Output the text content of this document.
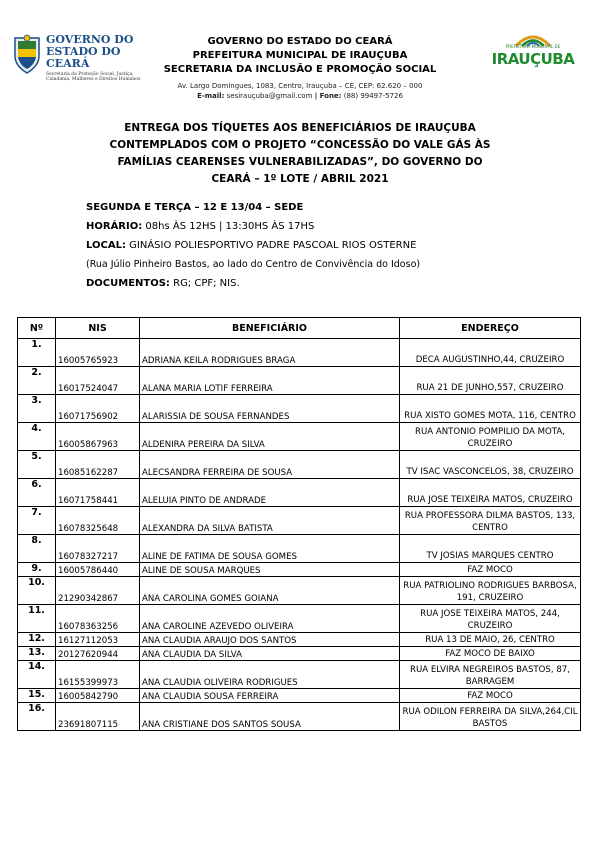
GOVERNO DO
ESTADO DO CEARÁ
Secretaria da Proteção Social, Justiça, Cidadania, Mulheres e Direitos Humanos
PREFEITURA MUNICIPAL DE
IRAUÇUBA
GOVERNO DO ESTADO DO CEARÁ
PREFEITURA MUNICIPAL DE IRAUÇUBA
SECRETARIA DA INCLUSÃO E PROMOÇÃO SOCIAL
Av. Largo Domingues, 1083, Centro, Irauçuba – CE, CEP: 62.620 – 000
E-mail: sesirauçuba@gmail.com | Fone: (88) 99497-5726
ENTREGA DOS TÍQUETES AOS BENEFICIÁRIOS DE IRAUÇUBA
CONTEMPLADOS COM O PROJETO “CONCESSÃO DO VALE GÁS ÀS
FAMÍLIAS CEARENSES VULNERABILIZADAS”, DO GOVERNO DO
CEARÁ – 1º LOTE / ABRIL 2021
SEGUNDA E TERÇA – 12 E 13/04 – SEDE
HORÁRIO: 08hs ÀS 12HS | 13:30HS ÀS 17HS
LOCAL: GINÁSIO POLIESPORTIVO PADRE PASCOAL RIOS OSTERNE
(Rua Júlio Pinheiro Bastos, ao lado do Centro de Convivência do Idoso)
DOCUMENTOS: RG; CPF; NIS.
Nº	NIS	BENEFICIÁRIO	ENDEREÇO
1.	16005765923	ADRIANA KEILA RODRIGUES BRAGA	DECA AUGUSTINHO,44, CRUZEIRO
2.	16017524047	ALANA MARIA LOTIF FERREIRA	RUA 21 DE JUNHO,557, CRUZEIRO
3.	16071756902	ALARISSIA DE SOUSA FERNANDES	RUA XISTO GOMES MOTA, 116, CENTRO
4.	16005867963	ALDENIRA PEREIRA DA SILVA	RUA ANTONIO POMPILIO DA MOTA, CRUZEIRO
5.	16085162287	ALECSANDRA FERREIRA DE SOUSA	TV ISAC VASCONCELOS, 38, CRUZEIRO
6.	16071758441	ALELUIA PINTO DE ANDRADE	RUA JOSE TEIXEIRA MATOS, CRUZEIRO
7.	16078325648	ALEXANDRA DA SILVA BATISTA	RUA PROFESSORA DILMA BASTOS, 133, CENTRO
8.	16078327217	ALINE DE FATIMA DE SOUSA GOMES	TV JOSIAS MARQUES CENTRO
9.	16005786440	ALINE DE SOUSA MARQUES	FAZ MOCO
10.	21290342867	ANA CAROLINA GOMES GOIANA	RUA PATRIOLINO RODRIGUES BARBOSA, 191, CRUZEIRO
11.	16078363256	ANA CAROLINE AZEVEDO OLIVEIRA	RUA JOSE TEIXEIRA MATOS, 244, CRUZEIRO
12.	16127112053	ANA CLAUDIA ARAUJO DOS SANTOS	RUA 13 DE MAIO, 26, CENTRO
13.	20127620944	ANA CLAUDIA DA SILVA	FAZ MOCO DE BAIXO
14.	16155399973	ANA CLAUDIA OLIVEIRA RODRIGUES	RUA ELVIRA NEGREIROS BASTOS, 87, BARRAGEM
15.	16005842790	ANA CLAUDIA SOUSA FERREIRA	FAZ MOCO
16.	23691807115	ANA CRISTIANE DOS SANTOS SOUSA	RUA ODILON FERREIRA DA SILVA,264,CIL BASTOS
